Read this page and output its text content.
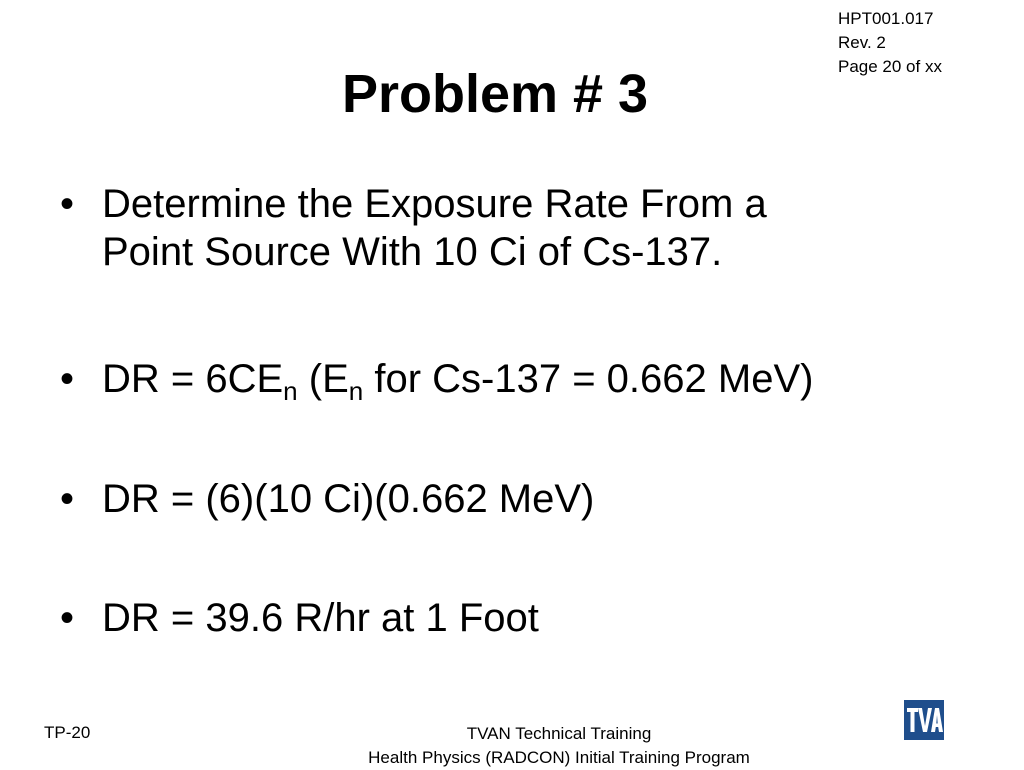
HPT001.017
Rev. 2
Page 20 of xx
Problem # 3
• Determine the Exposure Rate From a
Point Source With 10 Ci of Cs-137.
• DR = $6CE_n$ ($E_n$ for Cs-137 = 0.662 MeV)
• DR = (6)(10 Ci)(0.662 MeV)
• DR = 39.6 R/hr at 1 Foot
TP-20	TVAN Technical Training
Health Physics (RADCON) Initial Training Program
